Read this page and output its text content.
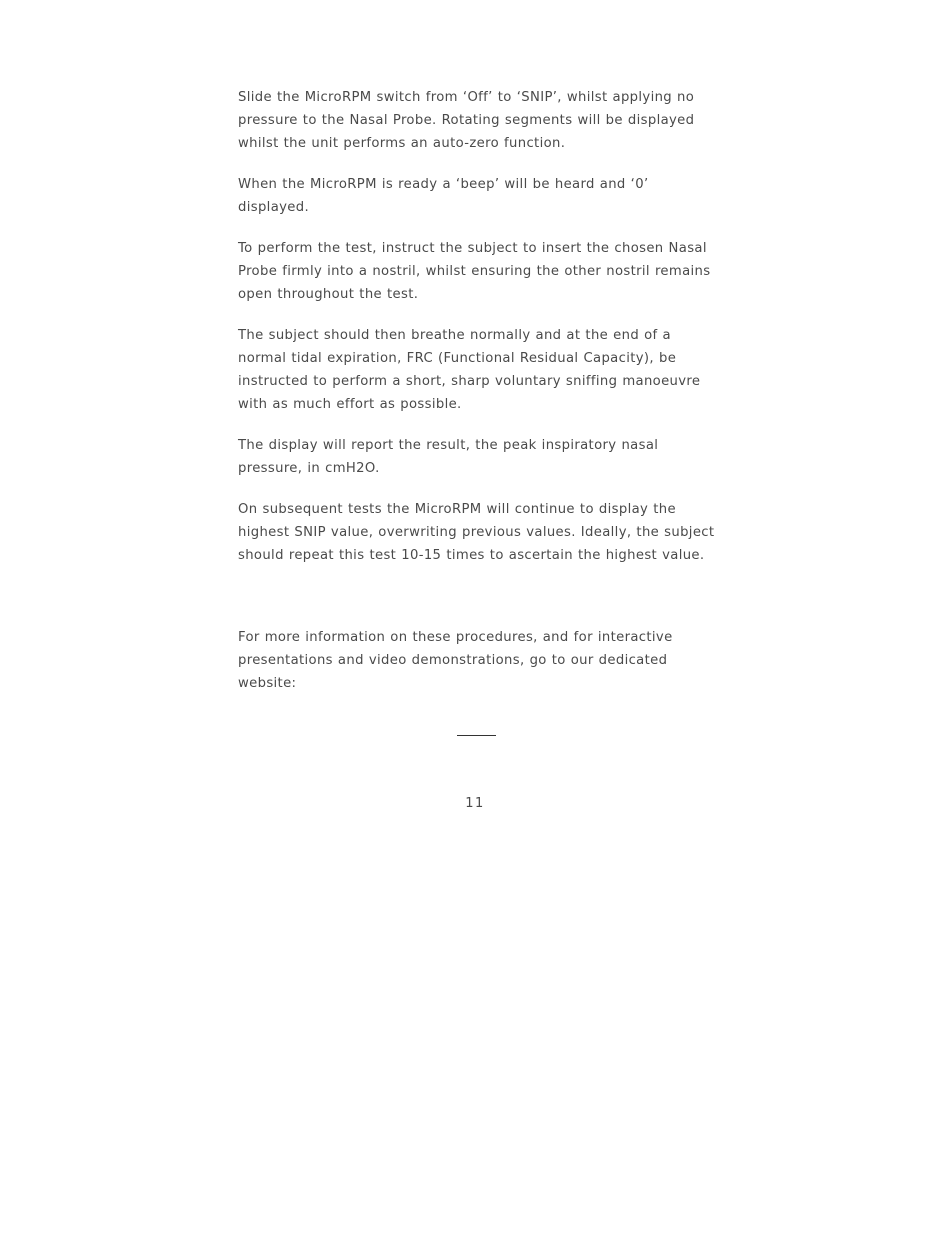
Slide the MicroRPM switch from ‘Off’ to ‘SNIP’, whilst applying no pressure to the Nasal Probe. Rotating segments will be displayed whilst the unit performs an auto-zero function.

When the MicroRPM is ready a ‘beep’ will be heard and ‘0’ displayed.

To perform the test, instruct the subject to insert the chosen Nasal Probe firmly into a nostril, whilst ensuring the other nostril remains open throughout the test.

The subject should then breathe normally and at the end of a normal tidal expiration, FRC (Functional Residual Capacity), be instructed to perform a short, sharp voluntary sniffing manoeuvre with as much effort as possible.

The display will report the result, the peak inspiratory nasal pressure, in cmH2O.

On subsequent tests the MicroRPM will continue to display the highest SNIP value, overwriting previous values. Ideally, the subject should repeat this test 10-15 times to ascertain the highest value.

For more information on these procedures, and for interactive presentations and video demonstrations, go to our dedicated website:

11
